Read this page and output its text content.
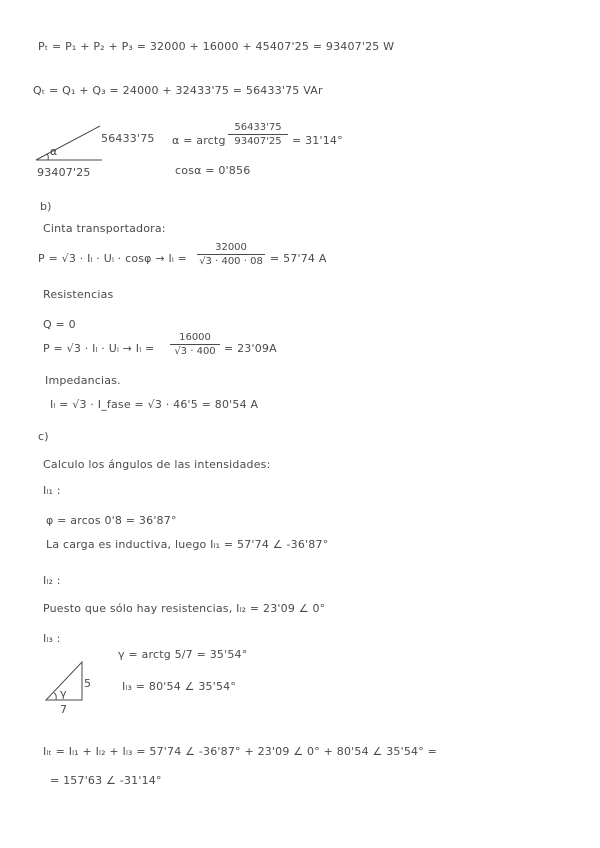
Pₜ = P₁ + P₂ + P₃ = 32000 + 16000 + 45407'25 = 93407'25 W
Qₜ = Q₁ + Q₃ = 24000 + 32433'75 = 56433'75 VAr
α
56433'75
93407'25
α = arctg
56433'75
93407'25 = 31'14°
cosα = 0'856
b)
Cinta transportadora:
P = √3 · Iₗ · Uₗ · cosφ → Iₗ =
32000
√3 · 400 · 08 = 57'74 A
Resistencias
Q = 0
P = √3 · Iₗ · Uₗ → Iₗ =
16000
√3 · 400 = 23'09A
Impedancias.
Iₗ = √3 · I_fase = √3 · 46'5 = 80'54 A
c)
Calculo los ángulos de las intensidades:
Iₗ₁ :
φ = arcos 0'8 = 36'87°
La carga es inductiva, luego Iₗ₁ = 57'74 ∠ -36'87°
Iₗ₂ :
Puesto que sólo hay resistencias, Iₗ₂ = 23'09 ∠ 0°
Iₗ₃ :
γ
5
7
γ = arctg 5/7 = 35'54°
Iₗ₃ = 80'54 ∠ 35'54°
Iₗₜ = Iₗ₁ + Iₗ₂ + Iₗ₃ = 57'74 ∠ -36'87° + 23'09 ∠ 0° + 80'54 ∠ 35'54° =
= 157'63 ∠ -31'14°
